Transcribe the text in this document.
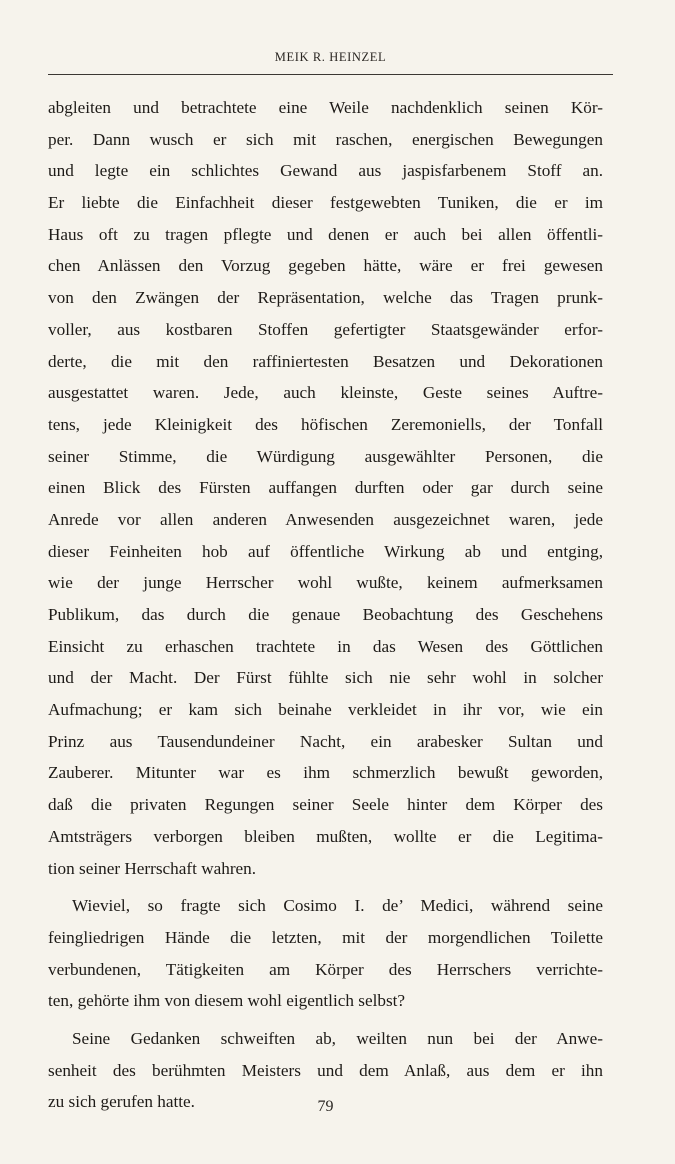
MEIK R. HEINZEL
abgleiten und betrachtete eine Weile nachdenklich seinen Kör-
per. Dann wusch er sich mit raschen, energischen Bewegungen
und legte ein schlichtes Gewand aus jaspisfarbenem Stoff an.
Er liebte die Einfachheit dieser festgewebten Tuniken, die er im
Haus oft zu tragen pflegte und denen er auch bei allen öffentli-
chen Anlässen den Vorzug gegeben hätte, wäre er frei gewesen
von den Zwängen der Repräsentation, welche das Tragen prunk-
voller, aus kostbaren Stoffen gefertigter Staatsgewänder erfor-
derte, die mit den raffiniertesten Besatzen und Dekorationen
ausgestattet waren. Jede, auch kleinste, Geste seines Auftre-
tens, jede Kleinigkeit des höfischen Zeremoniells, der Tonfall
seiner Stimme, die Würdigung ausgewählter Personen, die
einen Blick des Fürsten auffangen durften oder gar durch seine
Anrede vor allen anderen Anwesenden ausgezeichnet waren, jede
dieser Feinheiten hob auf öffentliche Wirkung ab und entging,
wie der junge Herrscher wohl wußte, keinem aufmerksamen
Publikum, das durch die genaue Beobachtung des Geschehens
Einsicht zu erhaschen trachtete in das Wesen des Göttlichen
und der Macht. Der Fürst fühlte sich nie sehr wohl in solcher
Aufmachung; er kam sich beinahe verkleidet in ihr vor, wie ein
Prinz aus Tausendundeiner Nacht, ein arabesker Sultan und
Zauberer. Mitunter war es ihm schmerzlich bewußt geworden,
daß die privaten Regungen seiner Seele hinter dem Körper des
Amtsträgers verborgen bleiben mußten, wollte er die Legitima-
tion seiner Herrschaft wahren.
Wieviel, so fragte sich Cosimo I. de’ Medici, während seine
feingliedrigen Hände die letzten, mit der morgendlichen Toilette
verbundenen, Tätigkeiten am Körper des Herrschers verrichte-
ten, gehörte ihm von diesem wohl eigentlich selbst?
Seine Gedanken schweiften ab, weilten nun bei der Anwe-
senheit des berühmten Meisters und dem Anlaß, aus dem er ihn
zu sich gerufen hatte.	79
